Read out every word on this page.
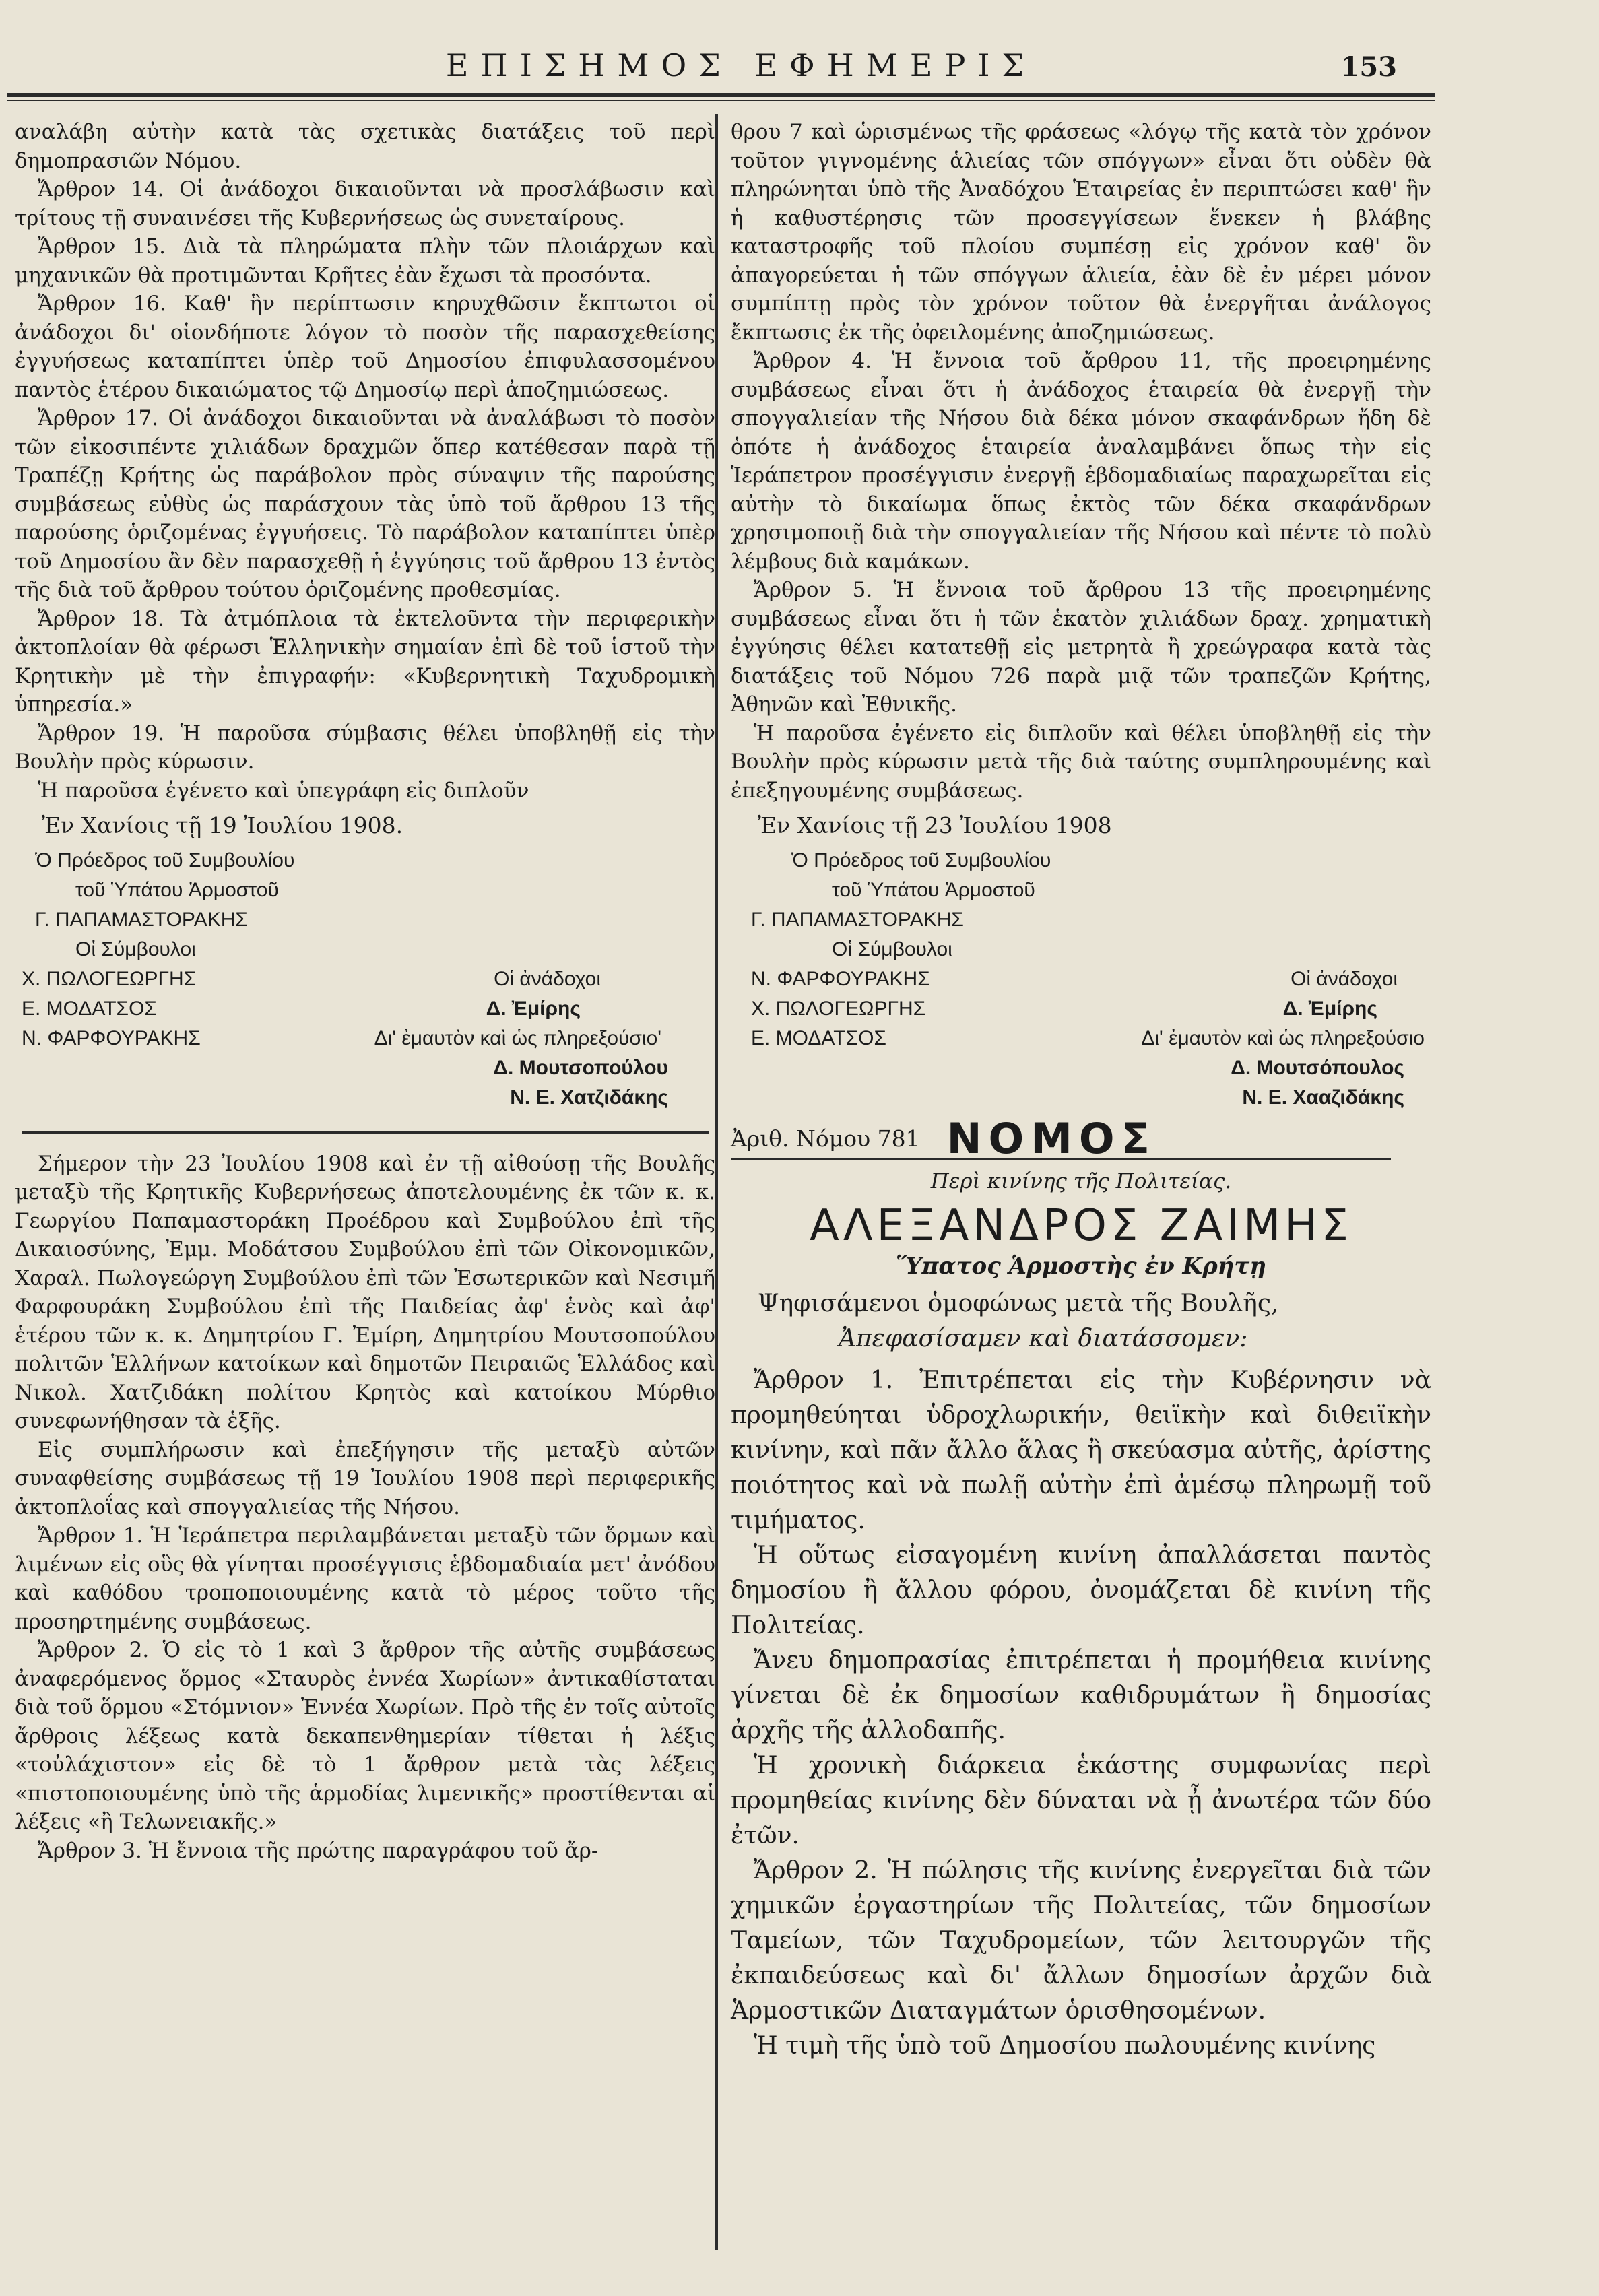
ΕΠΙΣΗΜΟΣ ΕΦΗΜΕΡΙΣ	153

αναλάβη αὐτὴν κατὰ τὰς σχετικὰς διατάξεις τοῦ περὶ δημοπρασιῶν Νόμου.

Ἄρθρον 14. Οἱ ἀνάδοχοι δικαιοῦνται νὰ προσλάβωσιν καὶ τρίτους τῇ συναινέσει τῆς Κυβερνήσεως ὡς συνεταίρους.

Ἄρθρον 15. Διὰ τὰ πληρώματα πλὴν τῶν πλοιάρχων καὶ μηχανικῶν θὰ προτιμῶνται Κρῆτες ἐὰν ἔχωσι τὰ προσόντα.

Ἄρθρον 16. Καθ' ἣν περίπτωσιν κηρυχθῶσιν ἔκπτωτοι οἱ ἀνάδοχοι δι' οἱονδήποτε λόγον τὸ ποσὸν τῆς παρασχεθείσης ἐγγυήσεως καταπίπτει ὑπὲρ τοῦ Δημοσίου ἐπιφυλασσομένου παντὸς ἑτέρου δικαιώματος τῷ Δημοσίῳ περὶ ἀποζημιώσεως.

Ἄρθρον 17. Οἱ ἀνάδοχοι δικαιοῦνται νὰ ἀναλάβωσι τὸ ποσὸν τῶν εἰκοσιπέντε χιλιάδων δραχμῶν ὅπερ κατέθεσαν παρὰ τῇ Τραπέζῃ Κρήτης ὡς παράβολον πρὸς σύναψιν τῆς παρούσης συμβάσεως εὐθὺς ὡς παράσχουν τὰς ὑπὸ τοῦ ἄρθρου 13 τῆς παρούσης ὁριζομένας ἐγγυήσεις. Τὸ παράβολον καταπίπτει ὑπὲρ τοῦ Δημοσίου ἂν δὲν παρασχεθῇ ἡ ἐγγύησις τοῦ ἄρθρου 13 ἐντὸς τῆς διὰ τοῦ ἄρθρου τούτου ὁριζομένης προθεσμίας.

Ἄρθρον 18. Τὰ ἀτμόπλοια τὰ ἐκτελοῦντα τὴν περιφερικὴν ἀκτοπλοίαν θὰ φέρωσι Ἑλληνικὴν σημαίαν ἐπὶ δὲ τοῦ ἱστοῦ τὴν Κρητικὴν μὲ τὴν ἐπιγραφήν: «Κυβερνητικὴ Ταχυδρομικὴ ὑπηρεσία.»

Ἄρθρον 19. Ἡ παροῦσα σύμβασις θέλει ὑποβληθῇ εἰς τὴν Βουλὴν πρὸς κύρωσιν.

Ἡ παροῦσα ἐγένετο καὶ ὑπεγράφη εἰς διπλοῦν

Ἐν Χανίοις τῇ 19 Ἰουλίου 1908.

Ὁ Πρόεδρος τοῦ Συμβουλίου
τοῦ Ὑπάτου Ἁρμοστοῦ
Γ. ΠΑΠΑΜΑΣΤΟΡΑΚΗΣ
Οἱ Σύμβουλοι
Χ. ΠΩΛΟΓΕΩΡΓΗΣ	Οἱ ἀνάδοχοι
Ε. ΜΟΔΑΤΣΟΣ	Δ. Ἐμίρης
Ν. ΦΑΡΦΟΥΡΑΚΗΣ	Δι' ἐμαυτὸν καὶ ὡς πληρεξούσιο'
Δ. Μουτσοπούλου
Ν. Ε. Χατζιδάκης

Σήμερον τὴν 23 Ἰουλίου 1908 καὶ ἐν τῇ αἰθούσῃ τῆς Βουλῆς μεταξὺ τῆς Κρητικῆς Κυβερνήσεως ἀποτελουμένης ἐκ τῶν κ. κ. Γεωργίου Παπαμαστοράκη Προέδρου καὶ Συμβούλου ἐπὶ τῆς Δικαιοσύνης, Ἐμμ. Μοδάτσου Συμβούλου ἐπὶ τῶν Οἰκονομικῶν, Χαραλ. Πωλογεώργη Συμβούλου ἐπὶ τῶν Ἐσωτερικῶν καὶ Νεσιμῆ Φαρφουράκη Συμβούλου ἐπὶ τῆς Παιδείας ἀφ' ἑνὸς καὶ ἀφ' ἑτέρου τῶν κ. κ. Δημητρίου Γ. Ἐμίρη, Δημητρίου Μουτσοπούλου πολιτῶν Ἑλλήνων κατοίκων καὶ δημοτῶν Πειραιῶς Ἑλλάδος καὶ Νικολ. Χατζιδάκη πολίτου Κρητὸς καὶ κατοίκου Μύρθιο συνεφωνήθησαν τὰ ἑξῆς.

Εἰς συμπλήρωσιν καὶ ἐπεξήγησιν τῆς μεταξὺ αὐτῶν συναφθείσης συμβάσεως τῇ 19 Ἰουλίου 1908 περὶ περιφερικῆς ἀκτοπλοΐας καὶ σπογγαλιείας τῆς Νήσου.

Ἄρθρον 1. Ἡ Ἱεράπετρα περιλαμβάνεται μεταξὺ τῶν ὅρμων καὶ λιμένων εἰς οὓς θὰ γίνηται προσέγγισις ἑβδομαδιαία μετ' ἀνόδου καὶ καθόδου τροποποιουμένης κατὰ τὸ μέρος τοῦτο τῆς προσηρτημένης συμβάσεως.

Ἄρθρον 2. Ὁ εἰς τὸ 1 καὶ 3 ἄρθρον τῆς αὐτῆς συμβάσεως ἀναφερόμενος ὅρμος «Σταυρὸς ἐννέα Χωρίων» ἀντικαθίσταται διὰ τοῦ ὅρμου «Στόμνιον» Ἐννέα Χωρίων. Πρὸ τῆς ἐν τοῖς αὐτοῖς ἄρθροις λέξεως κατὰ δεκαπενθημερίαν τίθεται ἡ λέξις «τοὐλάχιστον» εἰς δὲ τὸ 1 ἄρθρον μετὰ τὰς λέξεις «πιστοποιουμένης ὑπὸ τῆς ἁρμοδίας λιμενικῆς» προστίθενται αἱ λέξεις «ἢ Τελωνειακῆς.»

Ἄρθρον 3. Ἡ ἔννοια τῆς πρώτης παραγράφου τοῦ ἄρ-

θρου 7 καὶ ὡρισμένως τῆς φράσεως «λόγῳ τῆς κατὰ τὸν χρόνον τοῦτον γιγνομένης ἁλιείας τῶν σπόγγων» εἶναι ὅτι οὐδὲν θὰ πληρώνηται ὑπὸ τῆς Ἀναδόχου Ἑταιρείας ἐν περιπτώσει καθ' ἣν ἡ καθυστέρησις τῶν προσεγγίσεων ἕνεκεν ἡ βλάβης καταστροφῆς τοῦ πλοίου συμπέσῃ εἰς χρόνον καθ' ὃν ἀπαγορεύεται ἡ τῶν σπόγγων ἁλιεία, ἐὰν δὲ ἐν μέρει μόνον συμπίπτῃ πρὸς τὸν χρόνον τοῦτον θὰ ἐνεργῆται ἀνάλογος ἔκπτωσις ἐκ τῆς ὀφειλομένης ἀποζημιώσεως.

Ἄρθρον 4. Ἡ ἔννοια τοῦ ἄρθρου 11, τῆς προειρημένης συμβάσεως εἶναι ὅτι ἡ ἀνάδοχος ἑταιρεία θὰ ἐνεργῇ τὴν σπογγαλιείαν τῆς Νήσου διὰ δέκα μόνον σκαφάνδρων ἤδη δὲ ὁπότε ἡ ἀνάδοχος ἑταιρεία ἀναλαμβάνει ὅπως τὴν εἰς Ἱεράπετρον προσέγγισιν ἐνεργῇ ἑβδομαδιαίως παραχωρεῖται εἰς αὐτὴν τὸ δικαίωμα ὅπως ἐκτὸς τῶν δέκα σκαφάνδρων χρησιμοποιῇ διὰ τὴν σπογγαλιείαν τῆς Νήσου καὶ πέντε τὸ πολὺ λέμβους διὰ καμάκων.

Ἄρθρον 5. Ἡ ἔννοια τοῦ ἄρθρου 13 τῆς προειρημένης συμβάσεως εἶναι ὅτι ἡ τῶν ἑκατὸν χιλιάδων δραχ. χρηματικὴ ἐγγύησις θέλει κατατεθῇ εἰς μετρητὰ ἢ χρεώγραφα κατὰ τὰς διατάξεις τοῦ Νόμου 726 παρὰ μιᾷ τῶν τραπεζῶν Κρήτης, Ἀθηνῶν καὶ Ἐθνικῆς.

Ἡ παροῦσα ἐγένετο εἰς διπλοῦν καὶ θέλει ὑποβληθῇ εἰς τὴν Βουλὴν πρὸς κύρωσιν μετὰ τῆς διὰ ταύτης συμπληρουμένης καὶ ἐπεξηγουμένης συμβάσεως.

Ἐν Χανίοις τῇ 23 Ἰουλίου 1908

Ὁ Πρόεδρος τοῦ Συμβουλίου
τοῦ Ὑπάτου Ἁρμοστοῦ
Γ. ΠΑΠΑΜΑΣΤΟΡΑΚΗΣ
Οἱ Σύμβουλοι
Ν. ΦΑΡΦΟΥΡΑΚΗΣ	Οἱ ἀνάδοχοι
Χ. ΠΩΛΟΓΕΩΡΓΗΣ	Δ. Ἐμίρης
Ε. ΜΟΔΑΤΣΟΣ	Δι' ἐμαυτὸν καὶ ὡς πληρεξούσιο
Δ. Μουτσόπουλος
Ν. Ε. Χααζιδάκης
Ἀριθ. Νόμου 781 ΝΟΜΟΣ
Περὶ κινίνης τῆς Πολιτείας.
ΑΛΕΞΑΝΔΡΟΣ ΖΑΙΜΗΣ
Ὕπατος Ἁρμοστὴς ἐν Κρήτῃ
Ψηφισάμενοι ὁμοφώνως μετὰ τῆς Βουλῆς,
Ἀπεφασίσαμεν καὶ διατάσσομεν:

Ἄρθρον 1. Ἐπιτρέπεται εἰς τὴν Κυβέρνησιν νὰ προμηθεύηται ὑδροχλωρικήν, θειϊκὴν καὶ διθειϊκὴν κινίνην, καὶ πᾶν ἄλλο ἅλας ἢ σκεύασμα αὐτῆς, ἀρίστης ποιότητος καὶ νὰ πωλῇ αὐτὴν ἐπὶ ἀμέσῳ πληρωμῇ τοῦ τιμήματος.

Ἡ οὕτως εἰσαγομένη κινίνη ἀπαλλάσεται παντὸς δημοσίου ἢ ἄλλου φόρου, ὀνομάζεται δὲ κινίνη τῆς Πολιτείας.

Ἄνευ δημοπρασίας ἐπιτρέπεται ἡ προμήθεια κινίνης γίνεται δὲ ἐκ δημοσίων καθιδρυμάτων ἢ δημοσίας ἀρχῆς τῆς ἀλλοδαπῆς.

Ἡ χρονικὴ διάρκεια ἑκάστης συμφωνίας περὶ προμηθείας κινίνης δὲν δύναται νὰ ᾖ ἀνωτέρα τῶν δύο ἐτῶν.

Ἄρθρον 2. Ἡ πώλησις τῆς κινίνης ἐνεργεῖται διὰ τῶν χημικῶν ἐργαστηρίων τῆς Πολιτείας, τῶν δημοσίων Ταμείων, τῶν Ταχυδρομείων, τῶν λειτουργῶν τῆς ἐκπαιδεύσεως καὶ δι' ἄλλων δημοσίων ἀρχῶν διὰ Ἁρμοστικῶν Διαταγμάτων ὁρισθησομένων.

Ἡ τιμὴ τῆς ὑπὸ τοῦ Δημοσίου πωλουμένης κινίνης
